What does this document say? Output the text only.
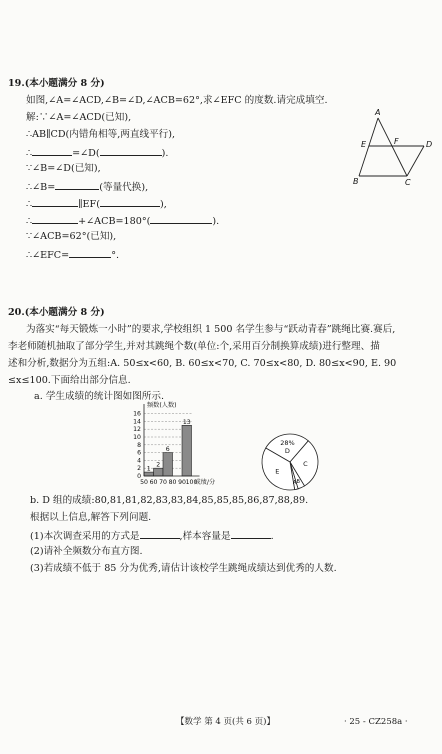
19.(本小题满分 8 分)
如图,∠A=∠ACD,∠B=∠D,∠ACB=62°,求∠EFC 的度数.请完成填空.
解:∵∠A=∠ACD(已知),
∴AB∥CD(内错角相等,两直线平行),
∴	=∠D(	).
∵∠B=∠D(已知),
∴∠B=	(等量代换),
∴	∥EF(	),
∴	+∠ACB=180°(	).
∵∠ACB=62°(已知),
∴∠EFC=	°.
A
B	C
D
E	F
20.(本小题满分 8 分)
为落实“每天锻炼一小时”的要求,学校组织 1 500 名学生参与“跃动青春”跳绳比赛.赛后,
李老师随机抽取了部分学生,并对其跳绳个数(单位:个,采用百分制换算成绩)进行整理、描
述和分析,数据分为五组:A. 50≤x<60, B. 60≤x<70, C. 70≤x<80, D. 80≤x<90, E. 90
≤x≤100.下面给出部分信息.
a. 学生成绩的统计图如图所示.
0
2
4
6
8
10
12
14
16
50 60 70 80 90 100
1
2
6
13
频数(人数)
成绩/分
28%
D
C
B
A
E
b. D 组的成绩:80,81,81,82,83,83,84,85,85,85,86,87,88,89.
根据以上信息,解答下列问题.
(1)本次调查采用的方式是	,样本容量是	.
(2)请补全频数分布直方图.
(3)若成绩不低于 85 分为优秀,请估计该校学生跳绳成绩达到优秀的人数.
【数学 第 4 页(共 6 页)】	· 25 - CZ258a ·
